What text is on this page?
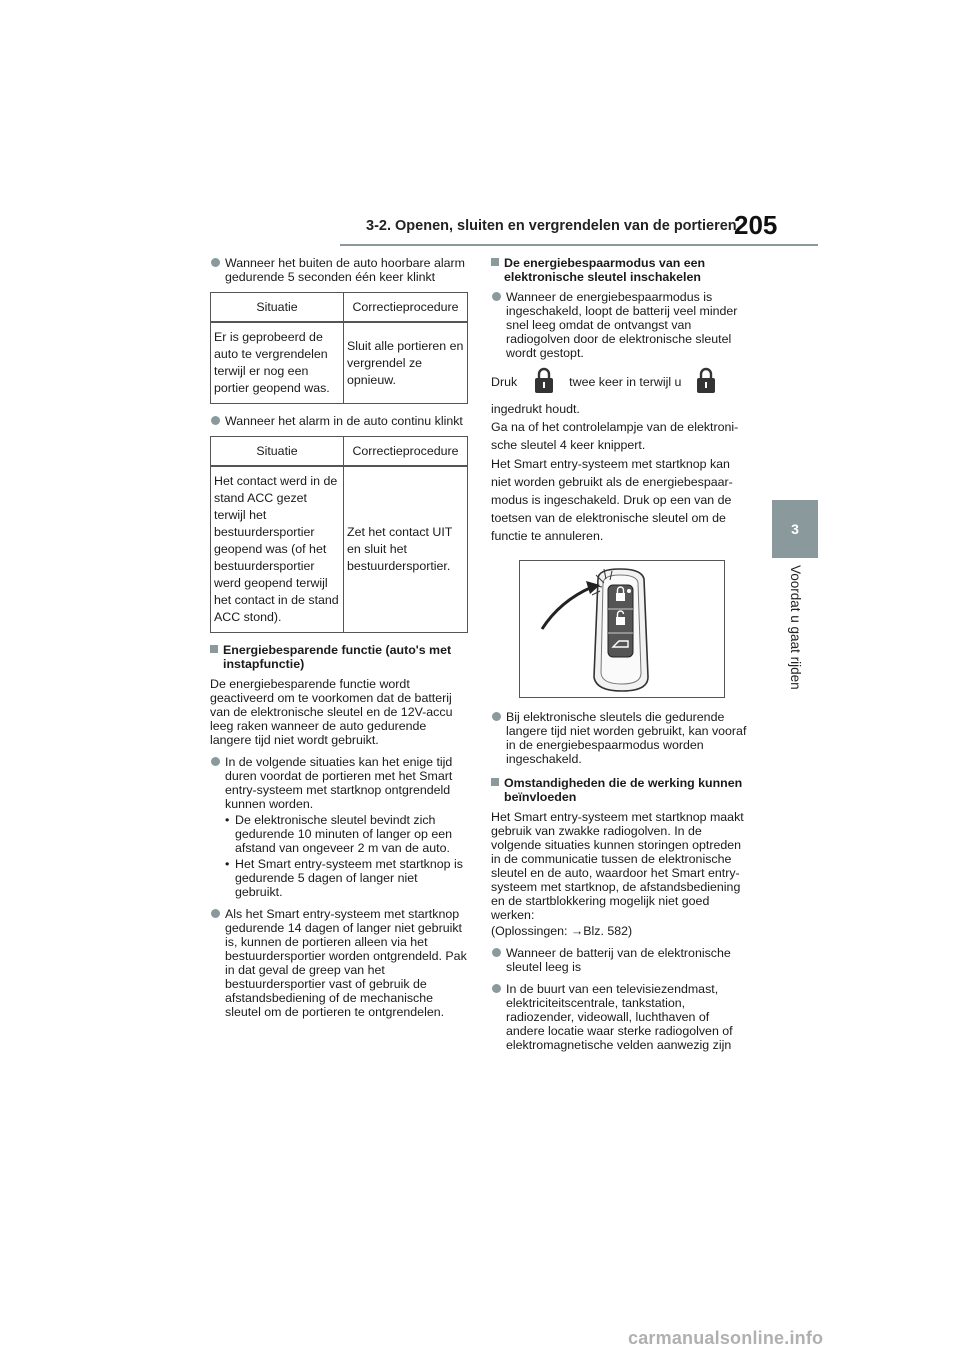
3-2. Openen, sluiten en vergrendelen van de portieren
205
3
Voordat u gaat rijden
Wanneer het buiten de auto hoorbare alarm gedurende 5 seconden één keer klinkt
Situatie	Correctieprocedure
Er is geprobeerd de auto te vergrendelen terwijl er nog een portier geopend was.	Sluit alle portieren en vergrendel ze opnieuw.
Wanneer het alarm in de auto continu klinkt
Situatie	Correctieprocedure
Het contact werd in de stand ACC gezet terwijl het bestuurdersportier geopend was (of het bestuurdersportier werd geopend terwijl het contact in de stand ACC stond).	Zet het contact UIT en sluit het bestuurdersportier.
Energiebesparende functie (auto's met instapfunctie)
De energiebesparende functie wordt geactiveerd om te voorkomen dat de batterij van de elektronische sleutel en de 12V-accu leeg raken wanneer de auto gedurende langere tijd niet wordt gebruikt.
In de volgende situaties kan het enige tijd duren voordat de portieren met het Smart entry-systeem met startknop ontgrendeld kunnen worden.
• De elektronische sleutel bevindt zich gedurende 10 minuten of langer op een afstand van ongeveer 2 m van de auto.
• Het Smart entry-systeem met startknop is gedurende 5 dagen of langer niet gebruikt.
Als het Smart entry-systeem met startknop gedurende 14 dagen of langer niet gebruikt is, kunnen de portieren alleen via het bestuurdersportier worden ontgrendeld. Pak in dat geval de greep van het bestuurdersportier vast of gebruik de afstandsbediening of de mechanische sleutel om de portieren te ontgrendelen.
De energiebespaarmodus van een elektronische sleutel inschakelen
Wanneer de energiebespaarmodus is ingeschakeld, loopt de batterij veel minder snel leeg omdat de ontvangst van radiogolven door de elektronische sleutel wordt gestopt.
Druk	twee keer in terwijl u

ingedrukt houdt.

Ga na of het controlelampje van de elektroni-

sche sleutel 4 keer knippert.

Het Smart entry-systeem met startknop kan

niet worden gebruikt als de energiebespaar-

modus is ingeschakeld. Druk op een van de

toetsen van de elektronische sleutel om de

functie te annuleren.

Bij elektronische sleutels die gedurende langere tijd niet worden gebruikt, kan vooraf in de energiebespaarmodus worden ingeschakeld.
Omstandigheden die de werking kunnen beïnvloeden
Het Smart entry-systeem met startknop maakt gebruik van zwakke radiogolven. In de volgende situaties kunnen storingen optreden in de communicatie tussen de elektronische sleutel en de auto, waardoor het Smart entry-systeem met startknop, de afstandsbediening en de startblokkering mogelijk niet goed werken:
(Oplossingen: →Blz. 582)
Wanneer de batterij van de elektronische sleutel leeg is
In de buurt van een televisiezendmast, elektriciteitscentrale, tankstation, radiozender, videowall, luchthaven of andere locatie waar sterke radiogolven of elektromagnetische velden aanwezig zijn
carmanualsonline.info
